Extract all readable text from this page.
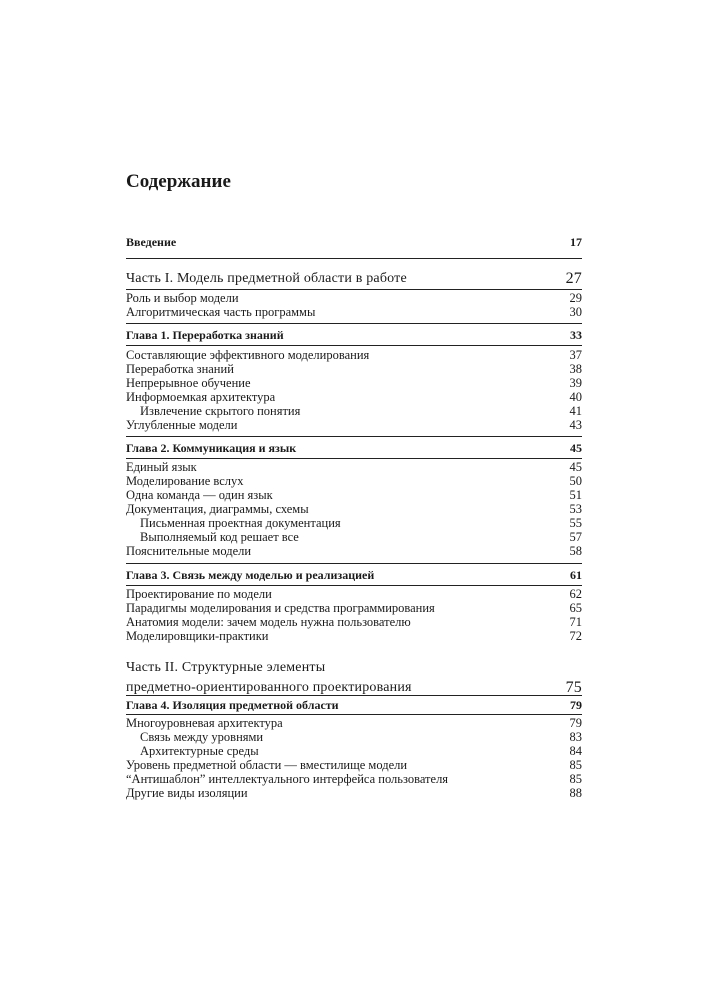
Содержание
Введение	17
Часть I. Модель предметной области в работе	27
Роль и выбор модели	29
Алгоритмическая часть программы	30
Глава 1. Переработка знаний	33
Составляющие эффективного моделирования	37
Переработка знаний	38
Непрерывное обучение	39
Информоемкая архитектура	40
Извлечение скрытого понятия	41
Углубленные модели	43
Глава 2. Коммуникация и язык	45
Единый язык	45
Моделирование вслух	50
Одна команда — один язык	51
Документация, диаграммы, схемы	53
Письменная проектная документация	55
Выполняемый код решает все	57
Пояснительные модели	58
Глава 3. Связь между моделью и реализацией	61
Проектирование по модели	62
Парадигмы моделирования и средства программирования	65
Анатомия модели: зачем модель нужна пользователю	71
Моделировщики-практики	72
Часть II. Структурные элементы
предметно-ориентированного проектирования	75
Глава 4. Изоляция предметной области	79
Многоуровневая архитектура	79
Связь между уровнями	83
Архитектурные среды	84
Уровень предметной области — вместилище модели	85
“Антишаблон” интеллектуального интерфейса пользователя	85
Другие виды изоляции	88
